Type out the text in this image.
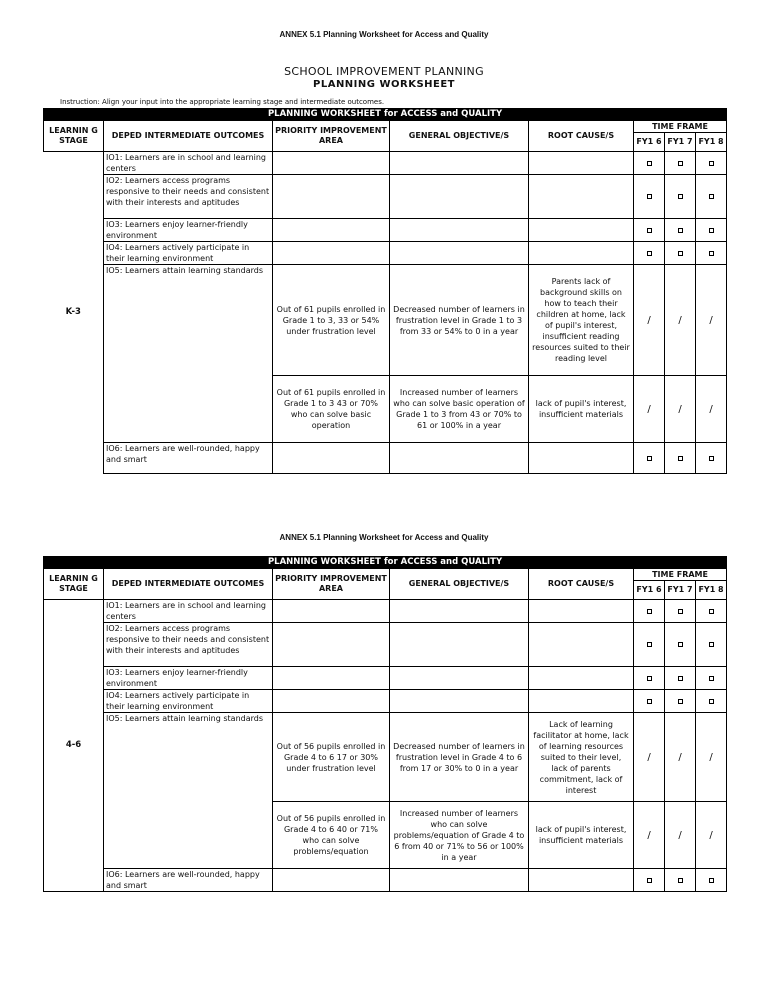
ANNEX 5.1 Planning Worksheet for Access and Quality
SCHOOL IMPROVEMENT PLANNING
PLANNING WORKSHEET
Instruction: Align your input into the appropriate learning stage and intermediate outcomes.
PLANNING WORKSHEET for ACCESS and QUALITY							
LEARNIN G STAGE	DEPED INTERMEDIATE OUTCOMES	PRIORITY IMPROVEMENT AREA	GENERAL OBJECTIVE/S	ROOT CAUSE/S	TIME FRAME		
					FY1 6	FY1 7	FY1 8
K-3	IO1: Learners are in school and learning centers						
	IO2: Learners access programs responsive to their needs and consistent with their interests and aptitudes						
	IO3: Learners enjoy learner-friendly environment						
	IO4: Learners actively participate in their learning environment						
	IO5: Learners attain learning standards	Out of 61 pupils enrolled in Grade 1 to 3, 33 or 54% under frustration level	Decreased number of learners in frustration level in Grade 1 to 3 from 33 or 54% to 0 in a year	Parents lack of background skills on how to teach their children at home, lack of pupil's interest, insufficient reading resources suited to their reading level	/	/	/
		Out of 61 pupils enrolled in Grade 1 to 3 43 or 70% who can solve basic operation	Increased number of learners who can solve basic operation of Grade 1 to 3 from 43 or 70% to 61 or 100% in a year	lack of pupil's interest, insufficient materials	/	/	/
	IO6: Learners are well-rounded, happy and smart						
ANNEX 5.1 Planning Worksheet for Access and Quality
PLANNING WORKSHEET for ACCESS and QUALITY							
LEARNIN G STAGE	DEPED INTERMEDIATE OUTCOMES	PRIORITY IMPROVEMENT AREA	GENERAL OBJECTIVE/S	ROOT CAUSE/S	TIME FRAME		
					FY1 6	FY1 7	FY1 8
4-6	IO1: Learners are in school and learning centers						
	IO2: Learners access programs responsive to their needs and consistent with their interests and aptitudes						
	IO3: Learners enjoy learner-friendly environment						
	IO4: Learners actively participate in their learning environment						
	IO5: Learners attain learning standards	Out of 56 pupils enrolled in Grade 4 to 6 17 or 30% under frustration level	Decreased number of learners in frustration level in Grade 4 to 6 from 17 or 30% to 0 in a year	Lack of learning facilitator at home, lack of learning resources suited to their level, lack of parents commitment, lack of interest	/	/	/
		Out of 56 pupils enrolled in Grade 4 to 6 40 or 71% who can solve problems/equation	Increased number of learners who can solve problems/equation of Grade 4 to 6 from 40 or 71% to 56 or 100% in a year	lack of pupil's interest, insufficient materials	/	/	/
	IO6: Learners are well-rounded, happy and smart						
